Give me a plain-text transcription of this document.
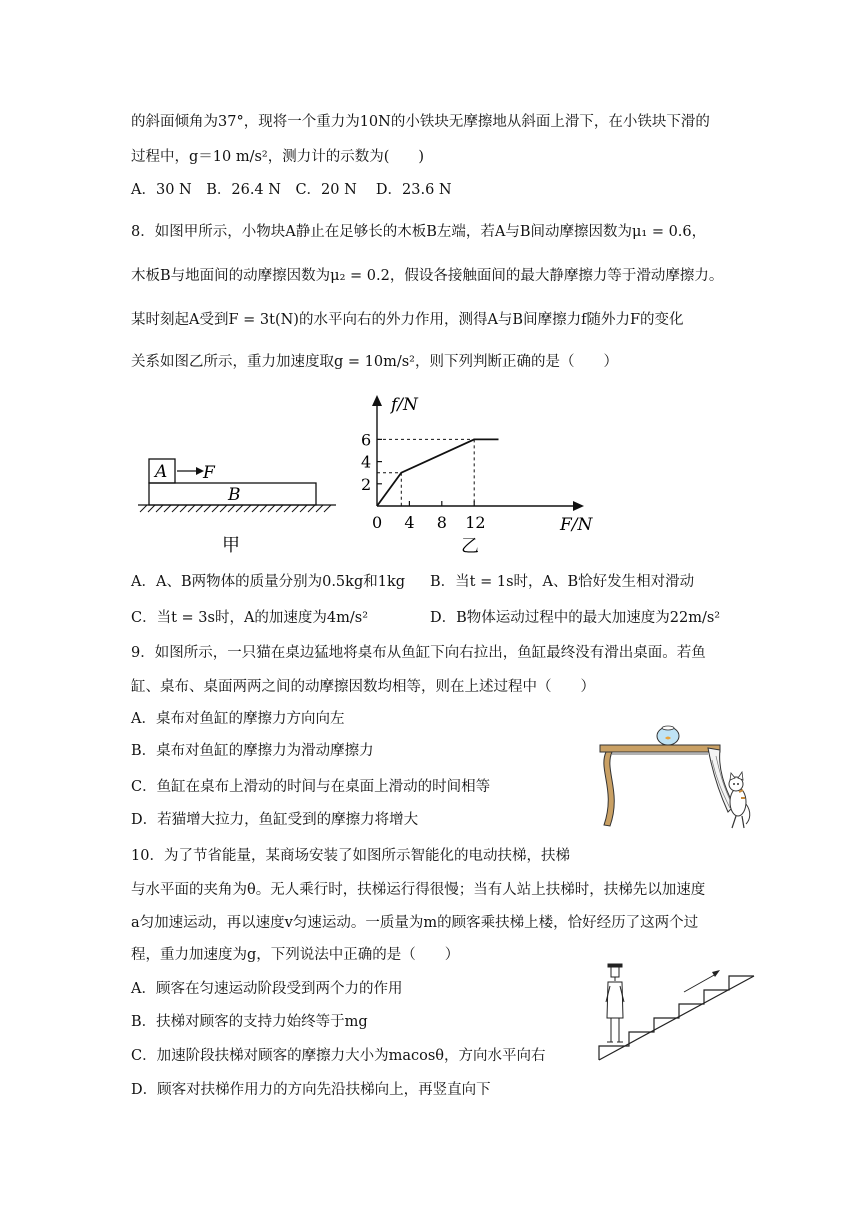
的斜面倾角为37°，现将一个重力为10N的小铁块无摩擦地从斜面上滑下，在小铁块下滑的
过程中，g＝10 m/s²，测力计的示数为(　　)
A．30 N　B．26.4 N　C．20 N　 D．23.6 N
8．如图甲所示，小物块A静止在足够长的木板B左端，若A与B间动摩擦因数为μ₁ = 0.6，
木板B与地面间的动摩擦因数为μ₂ = 0.2，假设各接触面间的最大静摩擦力等于滑动摩擦力。
某时刻起A受到F = 3t(N)的水平向右的外力作用，测得A与B间摩擦力f随外力F的变化
关系如图乙所示，重力加速度取g = 10m/s²，则下列判断正确的是（　　）
A F
B
甲
f/N
F/N
0
2
4
6
4 8 12
乙
A．A、B两物体的质量分别为0.5kg和1kg B．当t = 1s时，A、B恰好发生相对滑动
C．当t = 3s时，A的加速度为4m/s²	D．B物体运动过程中的最大加速度为22m/s²
9．如图所示，一只猫在桌边猛地将桌布从鱼缸下向右拉出，鱼缸最终没有滑出桌面。若鱼
缸、桌布、桌面两两之间的动摩擦因数均相等，则在上述过程中（　　）
A．桌布对鱼缸的摩擦力方向向左
B．桌布对鱼缸的摩擦力为滑动摩擦力
C．鱼缸在桌布上滑动的时间与在桌面上滑动的时间相等
D．若猫增大拉力，鱼缸受到的摩擦力将增大
10．为了节省能量，某商场安装了如图所示智能化的电动扶梯，扶梯
与水平面的夹角为θ。无人乘行时，扶梯运行得很慢；当有人站上扶梯时，扶梯先以加速度
a匀加速运动，再以速度v匀速运动。一质量为m的顾客乘扶梯上楼，恰好经历了这两个过
程，重力加速度为g，下列说法中正确的是（　　）
A．顾客在匀速运动阶段受到两个力的作用
B．扶梯对顾客的支持力始终等于mg
C．加速阶段扶梯对顾客的摩擦力大小为macosθ，方向水平向右
D．顾客对扶梯作用力的方向先沿扶梯向上，再竖直向下
